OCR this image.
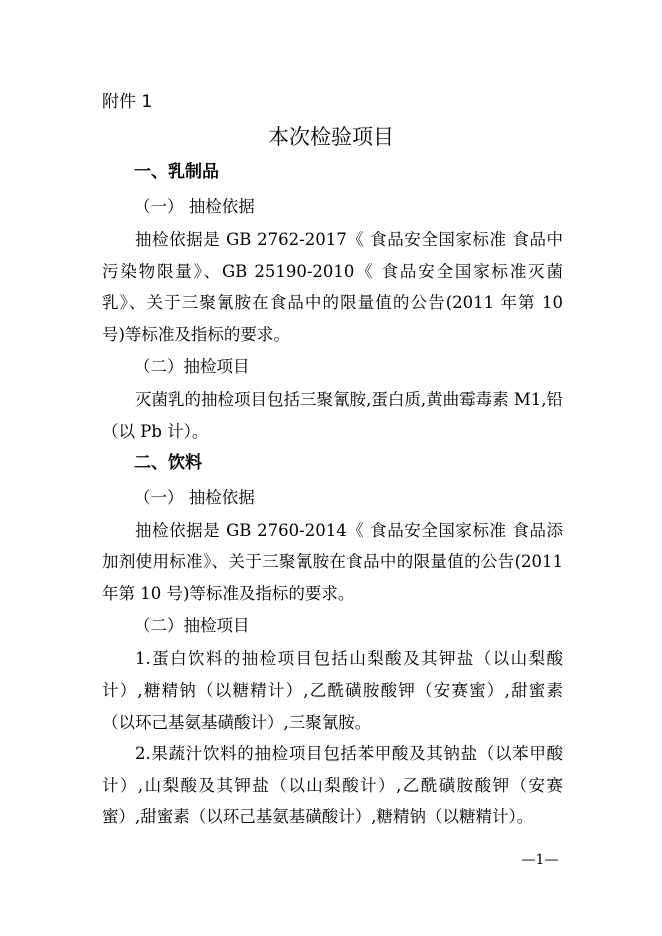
附件 1
本次检验项目
一、乳制品
（一） 抽检依据

抽检依据是 GB 2762-2017《 食品安全国家标准 食品中污染物限量》、GB 25190-2010《 食品安全国家标准灭菌乳》、关于三聚氰胺在食品中的限量值的公告(2011 年第 10 号)等标准及指标的要求。

（二）抽检项目

灭菌乳的抽检项目包括三聚氰胺,蛋白质,黄曲霉毒素 M1,铅（以 Pb 计）。

二、饮料
（一） 抽检依据

抽检依据是 GB 2760-2014《 食品安全国家标准 食品添加剂使用标准》、关于三聚氰胺在食品中的限量值的公告(2011 年第 10 号)等标准及指标的要求。

（二）抽检项目

1.蛋白饮料的抽检项目包括山梨酸及其钾盐（以山梨酸计）,糖精钠（以糖精计）,乙酰磺胺酸钾（安赛蜜）,甜蜜素（以环己基氨基磺酸计）,三聚氰胺。

2.果蔬汁饮料的抽检项目包括苯甲酸及其钠盐（以苯甲酸计）,山梨酸及其钾盐（以山梨酸计）,乙酰磺胺酸钾（安赛蜜）,甜蜜素（以环己基氨基磺酸计）,糖精钠（以糖精计）。

—1—
